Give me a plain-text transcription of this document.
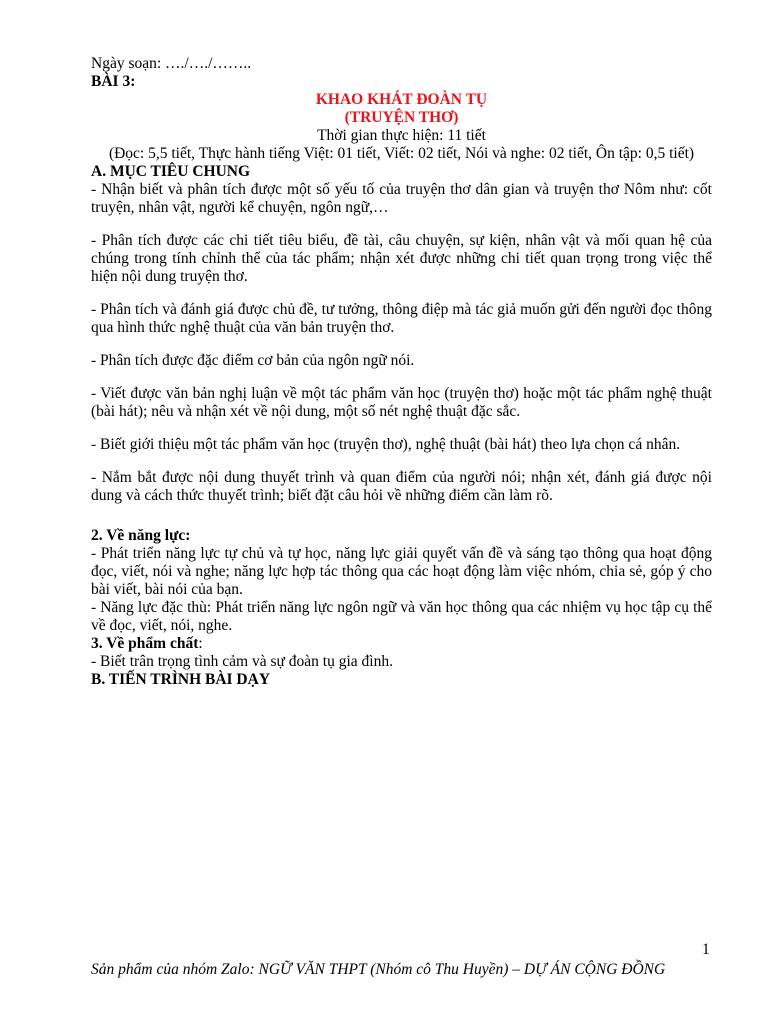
Ngày soạn: …./…./……..

BÀI 3:

KHAO KHÁT ĐOÀN TỤ

(TRUYỆN THƠ)

Thời gian thực hiện: 11 tiết

(Đọc: 5,5 tiết, Thực hành tiếng Việt: 01 tiết, Viết: 02 tiết, Nói và nghe: 02 tiết, Ôn tập: 0,5 tiết)

A. MỤC TIÊU CHUNG

- Nhận biết và phân tích được một số yếu tố của truyện thơ dân gian và truyện thơ Nôm như: cốt truyện, nhân vật, người kể chuyện, ngôn ngữ,…

- Phân tích được các chi tiết tiêu biểu, đề tài, câu chuyện, sự kiện, nhân vật và mối quan hệ của chúng trong tính chỉnh thể của tác phẩm; nhận xét được những chi tiết quan trọng trong việc thể hiện nội dung truyện thơ.

- Phân tích và đánh giá được chủ đề, tư tưởng, thông điệp mà tác giả muốn gửi đến người đọc thông qua hình thức nghệ thuật của văn bản truyện thơ.

- Phân tích được đặc điểm cơ bản của ngôn ngữ nói.

- Viết được văn bản nghị luận về một tác phẩm văn học (truyện thơ) hoặc một tác phẩm nghệ thuật (bài hát); nêu và nhận xét về nội dung, một số nét nghệ thuật đặc sắc.

- Biết giới thiệu một tác phẩm văn học (truyện thơ), nghệ thuật (bài hát) theo lựa chọn cá nhân.

- Nắm bắt được nội dung thuyết trình và quan điểm của người nói; nhận xét, đánh giá được nội dung và cách thức thuyết trình; biết đặt câu hỏi về những điểm cần làm rõ.

2. Về năng lực:

- Phát triển năng lực tự chủ và tự học, năng lực giải quyết vấn đề và sáng tạo thông qua hoạt động đọc, viết, nói và nghe; năng lực hợp tác thông qua các hoạt động làm việc nhóm, chia sẻ, góp ý cho bài viết, bài nói của bạn.

- Năng lực đặc thù: Phát triển năng lực ngôn ngữ và văn học thông qua các nhiệm vụ học tập cụ thể về đọc, viết, nói, nghe.

3. Về phẩm chất:

- Biết trân trọng tình cảm và sự đoàn tụ gia đình.

B. TIẾN TRÌNH BÀI DẠY

1
Sản phẩm của nhóm Zalo: NGỮ VĂN THPT (Nhóm cô Thu Huyền) – DỰ ÁN CỘNG ĐỒNG
